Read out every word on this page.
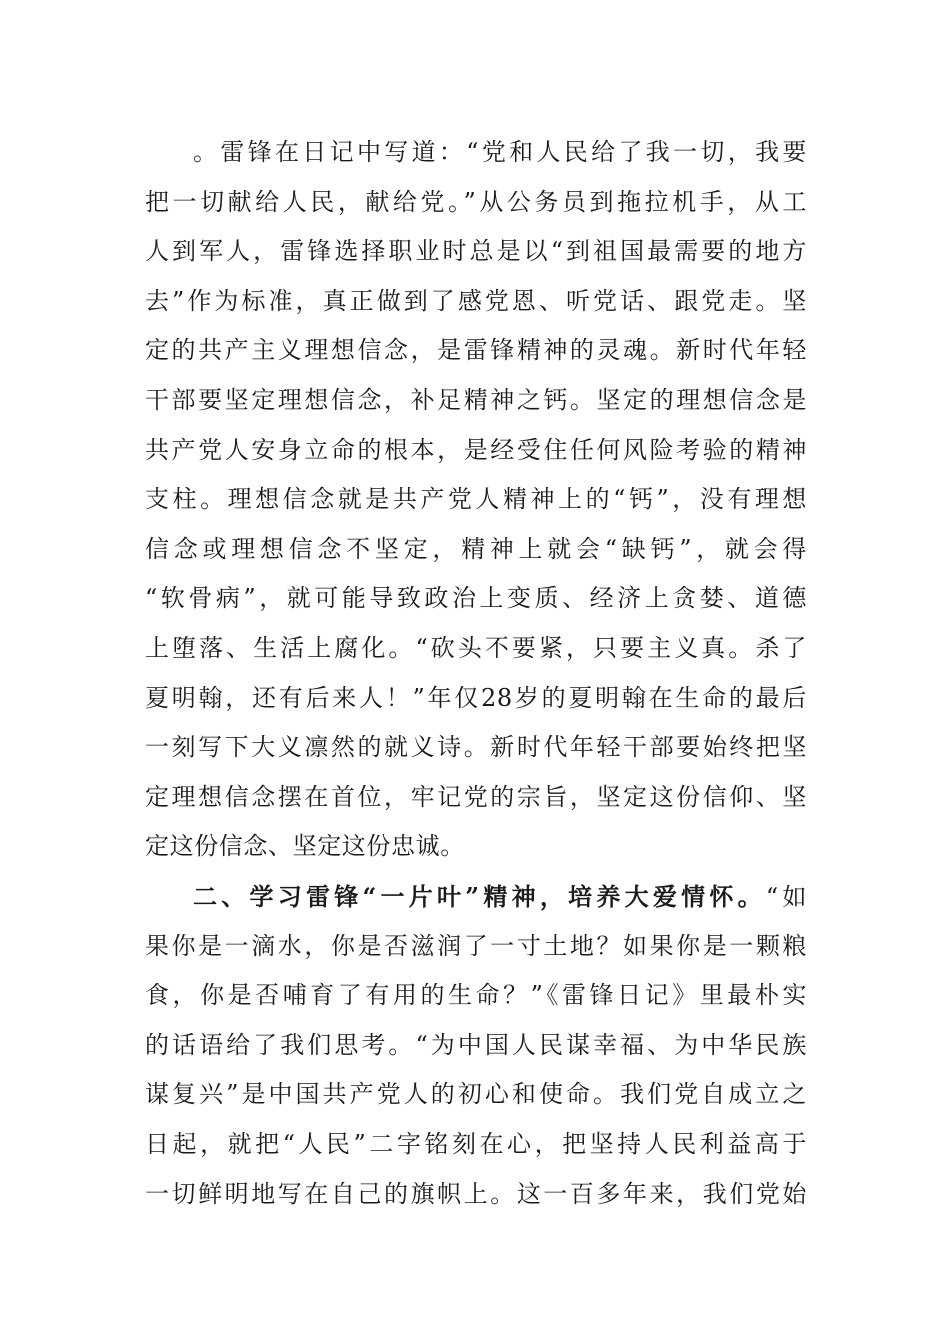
。雷锋在日记中写道：“党和人民给了我一切，我要
把一切献给人民，献给党。”从公务员到拖拉机手，从工
人到军人，雷锋选择职业时总是以“到祖国最需要的地方
去”作为标准，真正做到了感党恩、听党话、跟党走。坚
定的共产主义理想信念，是雷锋精神的灵魂。新时代年轻
干部要坚定理想信念，补足精神之钙。坚定的理想信念是
共产党人安身立命的根本，是经受住任何风险考验的精神
支柱。理想信念就是共产党人精神上的“钙”，没有理想
信念或理想信念不坚定，精神上就会“缺钙”，就会得
“软骨病”，就可能导致政治上变质、经济上贪婪、道德
上堕落、生活上腐化。“砍头不要紧，只要主义真。杀了
夏明翰，还有后来人！”年仅28岁的夏明翰在生命的最后
一刻写下大义凛然的就义诗。新时代年轻干部要始终把坚
定理想信念摆在首位，牢记党的宗旨，坚定这份信仰、坚
定这份信念、坚定这份忠诚。
二、学习雷锋“一片叶”精神，培养大爱情怀。“如
果你是一滴水，你是否滋润了一寸土地？如果你是一颗粮
食，你是否哺育了有用的生命？”《雷锋日记》里最朴实
的话语给了我们思考。“为中国人民谋幸福、为中华民族
谋复兴”是中国共产党人的初心和使命。我们党自成立之
日起，就把“人民”二字铭刻在心，把坚持人民利益高于
一切鲜明地写在自己的旗帜上。这一百多年来，我们党始
